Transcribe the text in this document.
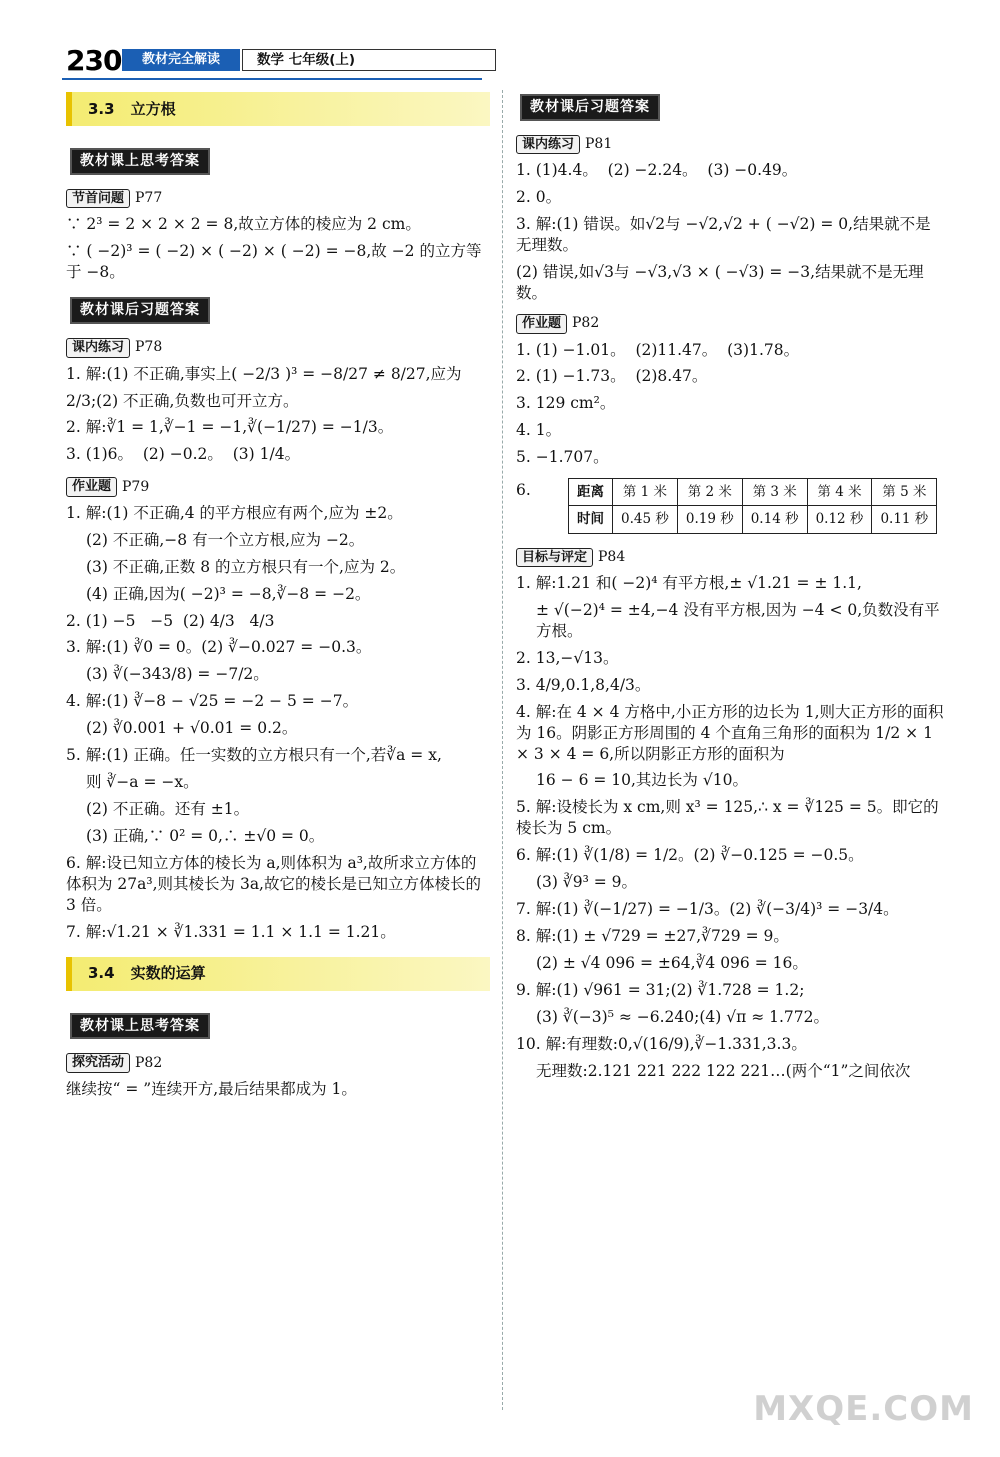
230	教材完全解读	数学 七年级(上)
3.3 立方根
教材课上思考答案
节首问题 P77
∵ 2³ = 2 × 2 × 2 = 8,故立方体的棱应为 2 cm。
∵ ( −2)³ = ( −2) × ( −2) × ( −2) = −8,故 −2 的立方等于 −8。
教材课后习题答案
课内练习 P78
1. 解:(1) 不正确,事实上( −2/3 )³ = −8/27 ≠ 8/27,应为
2/3;(2) 不正确,负数也可开立方。
2. 解:∛1 = 1,∛−1 = −1,∛(−1/27) = −1/3。
3. (1)6。  (2) −0.2。  (3) 1/4。
作业题 P79
1. 解:(1) 不正确,4 的平方根应有两个,应为 ±2。
(2) 不正确,−8 有一个立方根,应为 −2。
(3) 不正确,正数 8 的立方根只有一个,应为 2。
(4) 正确,因为( −2)³ = −8,∛−8 = −2。
2. (1) −5   −5  (2) 4/3   4/3
3. 解:(1) ∛0 = 0。(2) ∛−0.027 = −0.3。
(3) ∛(−343/8) = −7/2。
4. 解:(1) ∛−8 − √25 = −2 − 5 = −7。
(2) ∛0.001 + √0.01 = 0.2。
5. 解:(1) 正确。任一实数的立方根只有一个,若∛a = x,
则 ∛−a = −x。
(2) 不正确。还有 ±1。
(3) 正确,∵ 0² = 0,∴ ±√0 = 0。
6. 解:设已知立方体的棱长为 a,则体积为 a³,故所求立方体的体积为 27a³,则其棱长为 3a,故它的棱长是已知立方体棱长的 3 倍。
7. 解:√1.21 × ∛1.331 = 1.1 × 1.1 = 1.21。
3.4 实数的运算
教材课上思考答案
探究活动 P82
继续按“ = ”连续开方,最后结果都成为 1。
教材课后习题答案
课内练习 P81
1. (1)4.4。  (2) −2.24。  (3) −0.49。
2. 0。
3. 解:(1) 错误。如√2与 −√2,√2 + ( −√2) = 0,结果就不是无理数。
(2) 错误,如√3与 −√3,√3 × ( −√3) = −3,结果就不是无理数。
作业题 P82
1. (1) −1.01。  (2)11.47。  (3)1.78。
2. (1) −1.73。  (2)8.47。
3. 129 cm²。
4. 1。
5. −1.707。
6.	距离	第 1 米	第 2 米	第 3 米	第 4 米	第 5 米
时间	0.45 秒	0.19 秒	0.14 秒	0.12 秒	0.11 秒
目标与评定 P84
1. 解:1.21 和( −2)⁴ 有平方根,± √1.21 = ± 1.1,
± √(−2)⁴ = ±4,−4 没有平方根,因为 −4 < 0,负数没有平方根。
2. 13,−√13。
3. 4/9,0.1,8,4/3。
4. 解:在 4 × 4 方格中,小正方形的边长为 1,则大正方形的面积为 16。阴影正方形周围的 4 个直角三角形的面积为 1/2 × 1 × 3 × 4 = 6,所以阴影正方形的面积为
16 − 6 = 10,其边长为 √10。
5. 解:设棱长为 x cm,则 x³ = 125,∴ x = ∛125 = 5。即它的棱长为 5 cm。
6. 解:(1) ∛(1/8) = 1/2。(2) ∛−0.125 = −0.5。
(3) ∛9³ = 9。
7. 解:(1) ∛(−1/27) = −1/3。(2) ∛(−3/4)³ = −3/4。
8. 解:(1) ± √729 = ±27,∛729 = 9。
(2) ± √4 096 = ±64,∛4 096 = 16。
9. 解:(1) √961 = 31;(2) ∛1.728 = 1.2;
(3) ∛(−3)⁵ ≈ −6.240;(4) √π ≈ 1.772。
10. 解:有理数:0,√(16/9),∛−1.331,3.3。
无理数:2.121 221 222 122 221…(两个“1”之间依次
MXQE.COM
